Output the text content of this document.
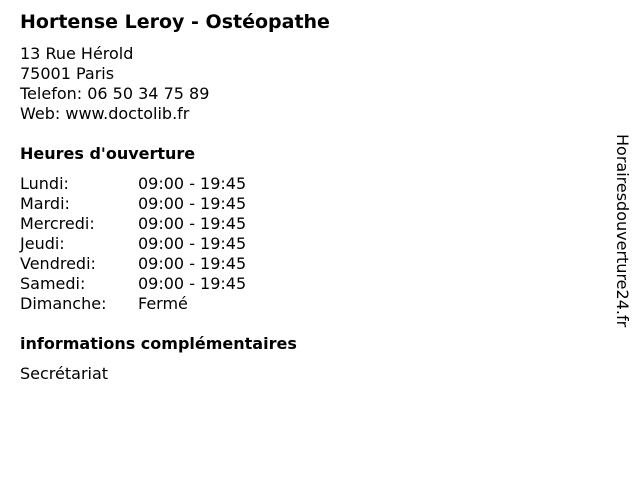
Hortense Leroy - Ostéopathe
13 Rue Hérold
75001 Paris
Telefon: 06 50 34 75 89
Web: www.doctolib.fr
Heures d'ouverture
Lundi:	09:00 - 19:45
Mardi:	09:00 - 19:45
Mercredi:	09:00 - 19:45
Jeudi:	09:00 - 19:45
Vendredi:	09:00 - 19:45
Samedi:	09:00 - 19:45
Dimanche:	Fermé
informations complémentaires
Secrétariat
Horairesdouverture24.fr
